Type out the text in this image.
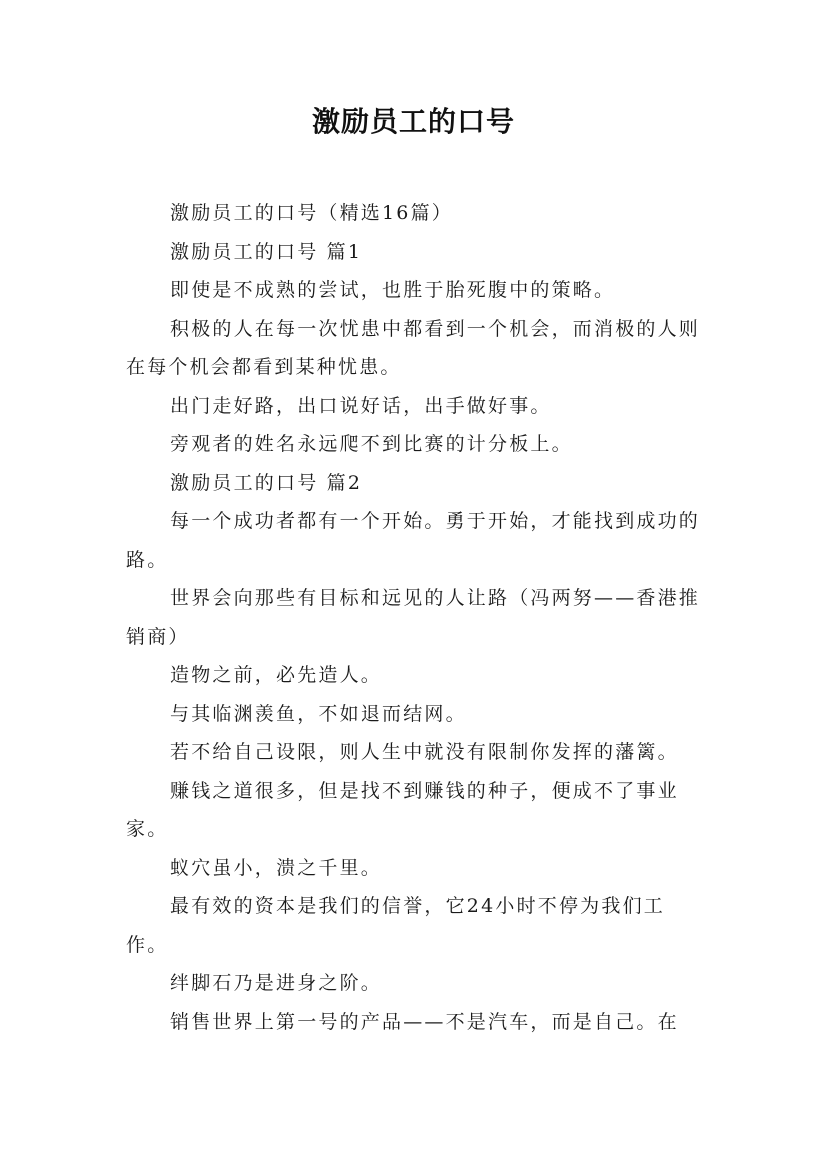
激励员工的口号

激励员工的口号（精选16篇）

激励员工的口号 篇1

即使是不成熟的尝试，也胜于胎死腹中的策略。

积极的人在每一次忧患中都看到一个机会，而消极的人则在每个机会都看到某种忧患。

出门走好路，出口说好话，出手做好事。

旁观者的姓名永远爬不到比赛的计分板上。

激励员工的口号 篇2

每一个成功者都有一个开始。勇于开始，才能找到成功的路。

世界会向那些有目标和远见的人让路（冯两努——香港推销商）

造物之前，必先造人。

与其临渊羡鱼，不如退而结网。

若不给自己设限，则人生中就没有限制你发挥的藩篱。

赚钱之道很多，但是找不到赚钱的种子，便成不了事业家。

蚁穴虽小，溃之千里。

最有效的资本是我们的信誉，它24小时不停为我们工作。

绊脚石乃是进身之阶。

销售世界上第一号的产品——不是汽车，而是自己。在
